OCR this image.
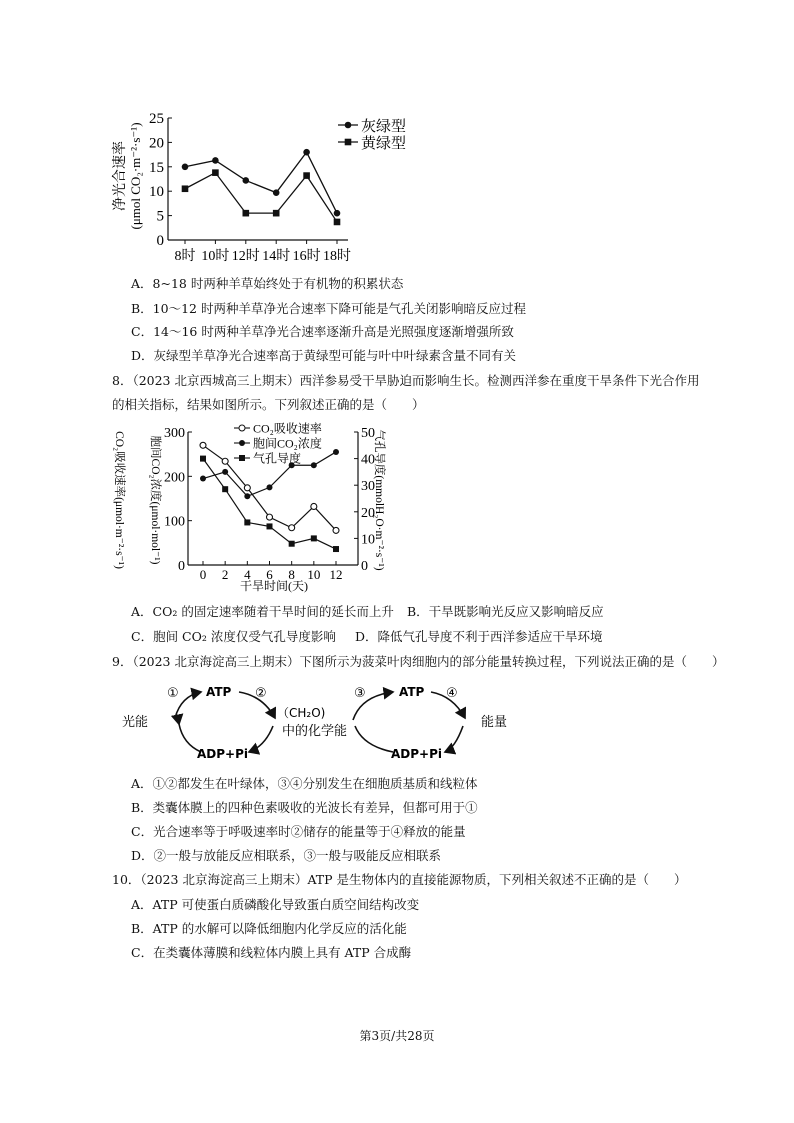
0
5
10
15
20
25
8时 10时 12时 14时 16时 18时
灰绿型
黄绿型
净光合速率 (μmol CO₂·m⁻²·s⁻¹)
A．8~18 时两种羊草始终处于有机物的积累状态
B．10～12 时两种羊草净光合速率下降可能是气孔关闭影响暗反应过程
C．14～16 时两种羊草净光合速率逐渐升高是光照强度逐渐增强所致
D．灰绿型羊草净光合速率高于黄绿型可能与叶中叶绿素含量不同有关
8．（2023 北京西城高三上期末）西洋参易受干旱胁迫而影响生长。检测西洋参在重度干旱条件下光合作用
的相关指标，结果如图所示。下列叙述正确的是（　　）
0
100
200
300
0
10
20
30
40
50
0 2 4 6 8 10 12
CO₂吸收速率
胞间CO₂浓度
气孔导度
CO₂吸收速率(μmol·m⁻²·s⁻¹) 胞间CO₂浓度(μmol·mol⁻¹)	气孔导度(mmolH₂O·m⁻²·s⁻¹)
干旱时间(天)
A．CO₂ 的固定速率随着干旱时间的延长而上升 B．干旱既影响光反应又影响暗反应
C．胞间 CO₂ 浓度仅受气孔导度影响 D．降低气孔导度不利于西洋参适应干旱环境
9．（2023 北京海淀高三上期末）下图所示为菠菜叶肉细胞内的部分能量转换过程，下列说法正确的是（　　）
光能
ATP
ADP+Pi
①	②
（CH₂O)
中的化学能
③	ATP ④
能量
ADP+Pi
A．①②都发生在叶绿体，③④分别发生在细胞质基质和线粒体
B．类囊体膜上的四种色素吸收的光波长有差异，但都可用于①
C．光合速率等于呼吸速率时②储存的能量等于④释放的能量
D．②一般与放能反应相联系，③一般与吸能反应相联系
10．（2023 北京海淀高三上期末）ATP 是生物体内的直接能源物质，下列相关叙述不正确的是（　　）
A．ATP 可使蛋白质磷酸化导致蛋白质空间结构改变
B．ATP 的水解可以降低细胞内化学反应的活化能
C．在类囊体薄膜和线粒体内膜上具有 ATP 合成酶
第3页/共28页
